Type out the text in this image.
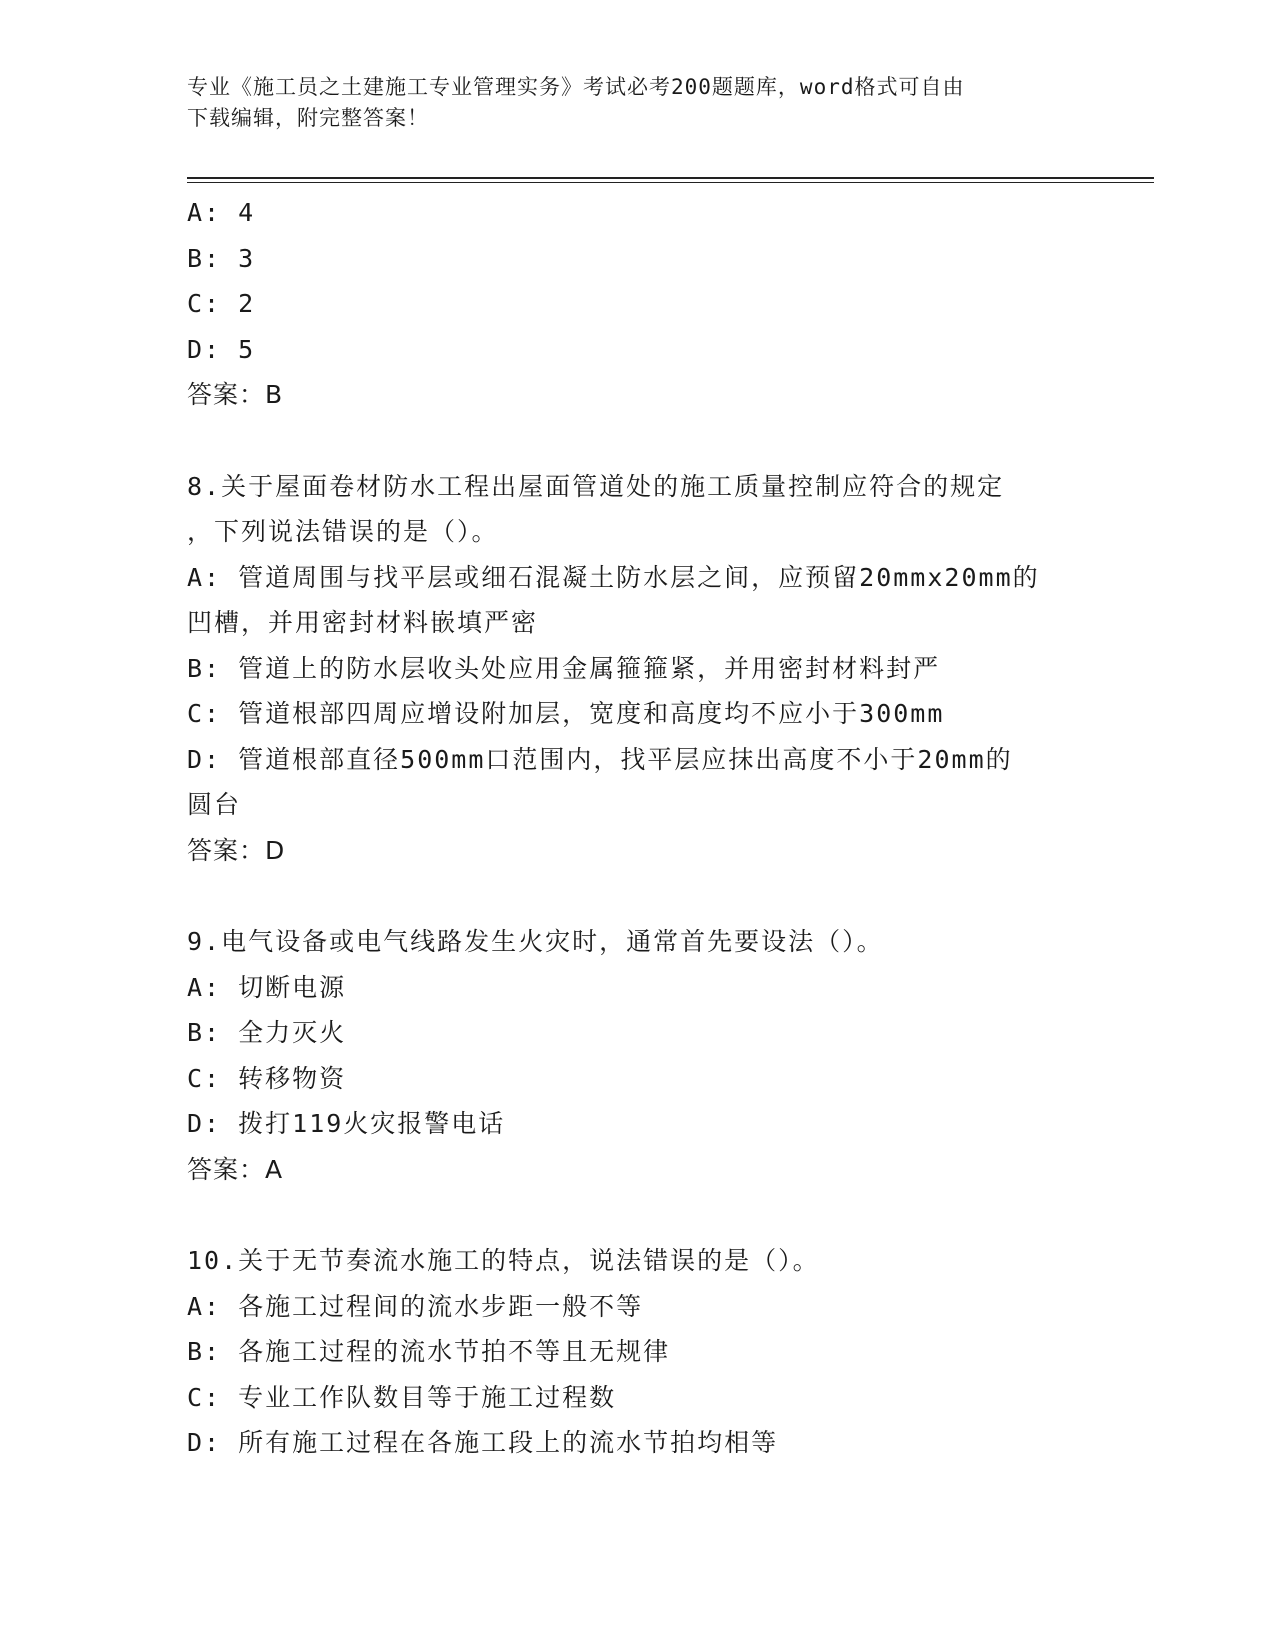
专业《施工员之土建施工专业管理实务》考试必考200题题库，word格式可自由
下载编辑，附完整答案！
A: 4
B: 3
C: 2
D: 5
答案：B
8.关于屋面卷材防水工程出屋面管道处的施工质量控制应符合的规定
，下列说法错误的是（）。
A: 管道周围与找平层或细石混凝土防水层之间，应预留20mmx20mm的
凹槽，并用密封材料嵌填严密
B: 管道上的防水层收头处应用金属箍箍紧，并用密封材料封严
C: 管道根部四周应增设附加层，宽度和高度均不应小于300mm
D: 管道根部直径500mm口范围内，找平层应抹出高度不小于20mm的
圆台
答案：D
9.电气设备或电气线路发生火灾时，通常首先要设法（）。
A: 切断电源
B: 全力灭火
C: 转移物资
D: 拨打119火灾报警电话
答案：A
10.关于无节奏流水施工的特点，说法错误的是（）。
A: 各施工过程间的流水步距一般不等
B: 各施工过程的流水节拍不等且无规律
C: 专业工作队数目等于施工过程数
D: 所有施工过程在各施工段上的流水节拍均相等
